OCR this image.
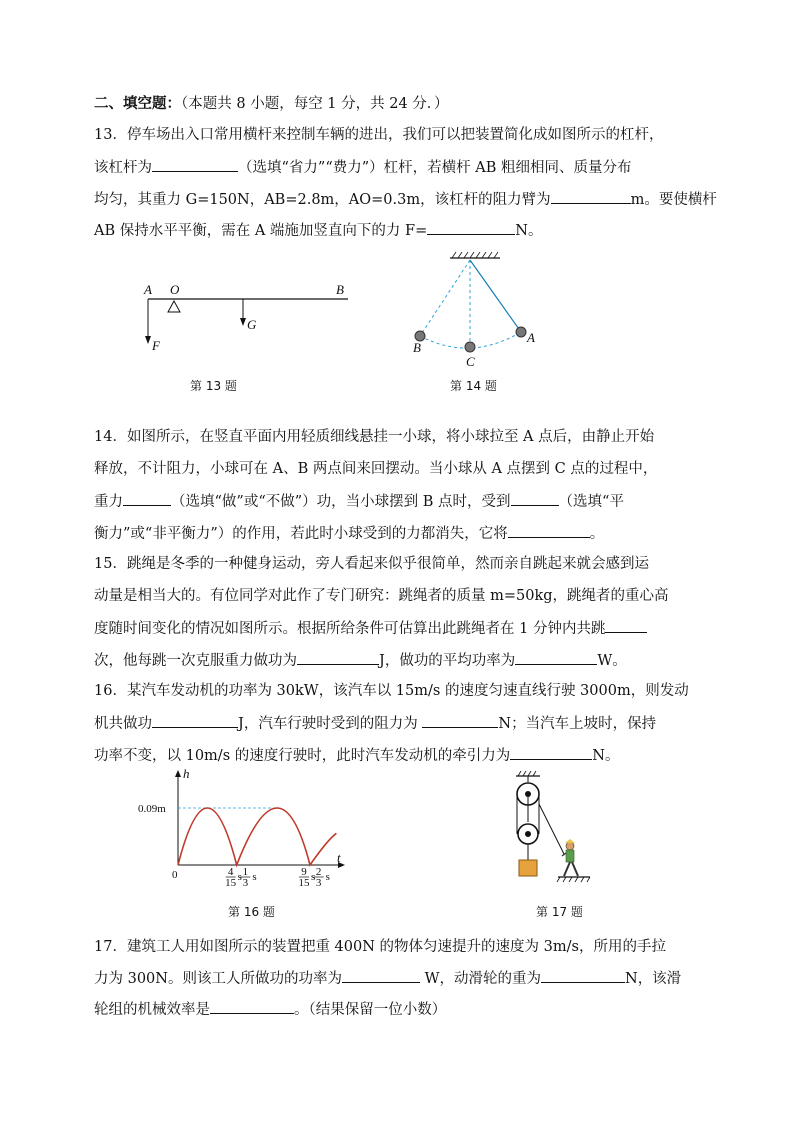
二、填空题：（本题共 8 小题，每空 1 分，共 24 分．）
13．停车场出入口常用横杆来控制车辆的进出，我们可以把装置简化成如图所示的杠杆，
该杠杆为	（选填“省力”“费力”）杠杆，若横杆 AB 粗细相同、质量分布
均匀，其重力 G=150N，AB=2.8m，AO=0.3m，该杠杆的阻力臂为	m。要使横杆
AB 保持水平平衡，需在 A 端施加竖直向下的力 F=	N。
A O	B
G
F
第 13 题
B
C
A
第 14 题
14．如图所示，在竖直平面内用轻质细线悬挂一小球，将小球拉至 A 点后，由静止开始
释放，不计阻力，小球可在 A、B 两点间来回摆动。当小球从 A 点摆到 C 点的过程中，
重力	（选填“做”或“不做”）功，当小球摆到 B 点时，受到	（选填“平
衡力”或“非平衡力”）的作用，若此时小球受到的力都消失，它将	。
15．跳绳是冬季的一种健身运动，旁人看起来似乎很简单，然而亲自跳起来就会感到运
动量是相当大的。有位同学对此作了专门研究：跳绳者的质量 m=50kg，跳绳者的重心高
度随时间变化的情况如图所示。根据所给条件可估算出此跳绳者在 1 分钟内共跳
次，他每跳一次克服重力做功为	J，做功的平均功率为	W。
16．某汽车发动机的功率为 30kW，该汽车以 15m/s 的速度匀速直线行驶 3000m，则发动
机共做功	J，汽车行驶时受到的阻力为	N；当汽车上坡时，保持
功率不变，以 10m/s 的速度行驶时，此时汽车发动机的牵引力为	N。
4
15 s 1
3 s	9
15 s 2
3 s
h
t
0
0.09m
第 16 题	第 17 题
17．建筑工人用如图所示的装置把重 400N 的物体匀速提升的速度为 3m/s，所用的手拉
力为 300N。则该工人所做功的功率为	W，动滑轮的重为	N，该滑
轮组的机械效率是	。（结果保留一位小数）
